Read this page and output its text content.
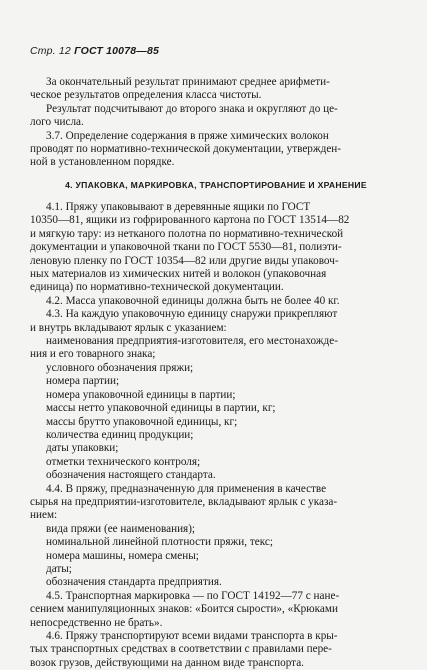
Стр. 12 ГОСТ 10078—85

За окончательный результат принимают среднее арифмети-

ческое результатов определения класса чистоты.

Результат подсчитывают до второго знака и округляют до це-

лого числа.

3.7. Определение содержания в пряже химических волокон

проводят по нормативно-технической документации, утвержден-

ной в установленном порядке.

4. УПАКОВКА, МАРКИРОВКА, ТРАНСПОРТИРОВАНИЕ И ХРАНЕНИЕ

4.1. Пряжу упаковывают в деревянные ящики по ГОСТ

10350—81, ящики из гофрированного картона по ГОСТ 13514—82

и мягкую тару: из нетканого полотна по нормативно-технической

документации и упаковочной ткани по ГОСТ 5530—81, полиэти-

леновую пленку по ГОСТ 10354—82 или другие виды упаковоч-

ных материалов из химических нитей и волокон (упаковочная

единица) по нормативно-технической документации.

4.2. Масса упаковочной единицы должна быть не более 40 кг.

4.3. На каждую упаковочную единицу снаружи прикрепляют

и внутрь вкладывают ярлык с указанием:

наименования предприятия-изготовителя, его местонахожде-

ния и его товарного знака;

условного обозначения пряжи;

номера партии;

номера упаковочной единицы в партии;

массы нетто упаковочной единицы в партии, кг;

массы брутто упаковочной единицы, кг;

количества единиц продукции;

даты упаковки;

отметки технического контроля;

обозначения настоящего стандарта.

4.4. В пряжу, предназначенную для применения в качестве

сырья на предприятии-изготовителе, вкладывают ярлык с указа-

нием:

вида пряжи (ее наименования);

номинальной линейной плотности пряжи, текс;

номера машины, номера смены;

даты;

обозначения стандарта предприятия.

4.5. Транспортная маркировка — по ГОСТ 14192—77 с нане-

сением манипуляционных знаков: «Боится сырости», «Крюками

непосредственно не брать».

4.6. Пряжу транспортируют всеми видами транспорта в кры-

тых транспортных средствах в соответствии с правилами пере-

возок грузов, действующими на данном виде транспорта.
